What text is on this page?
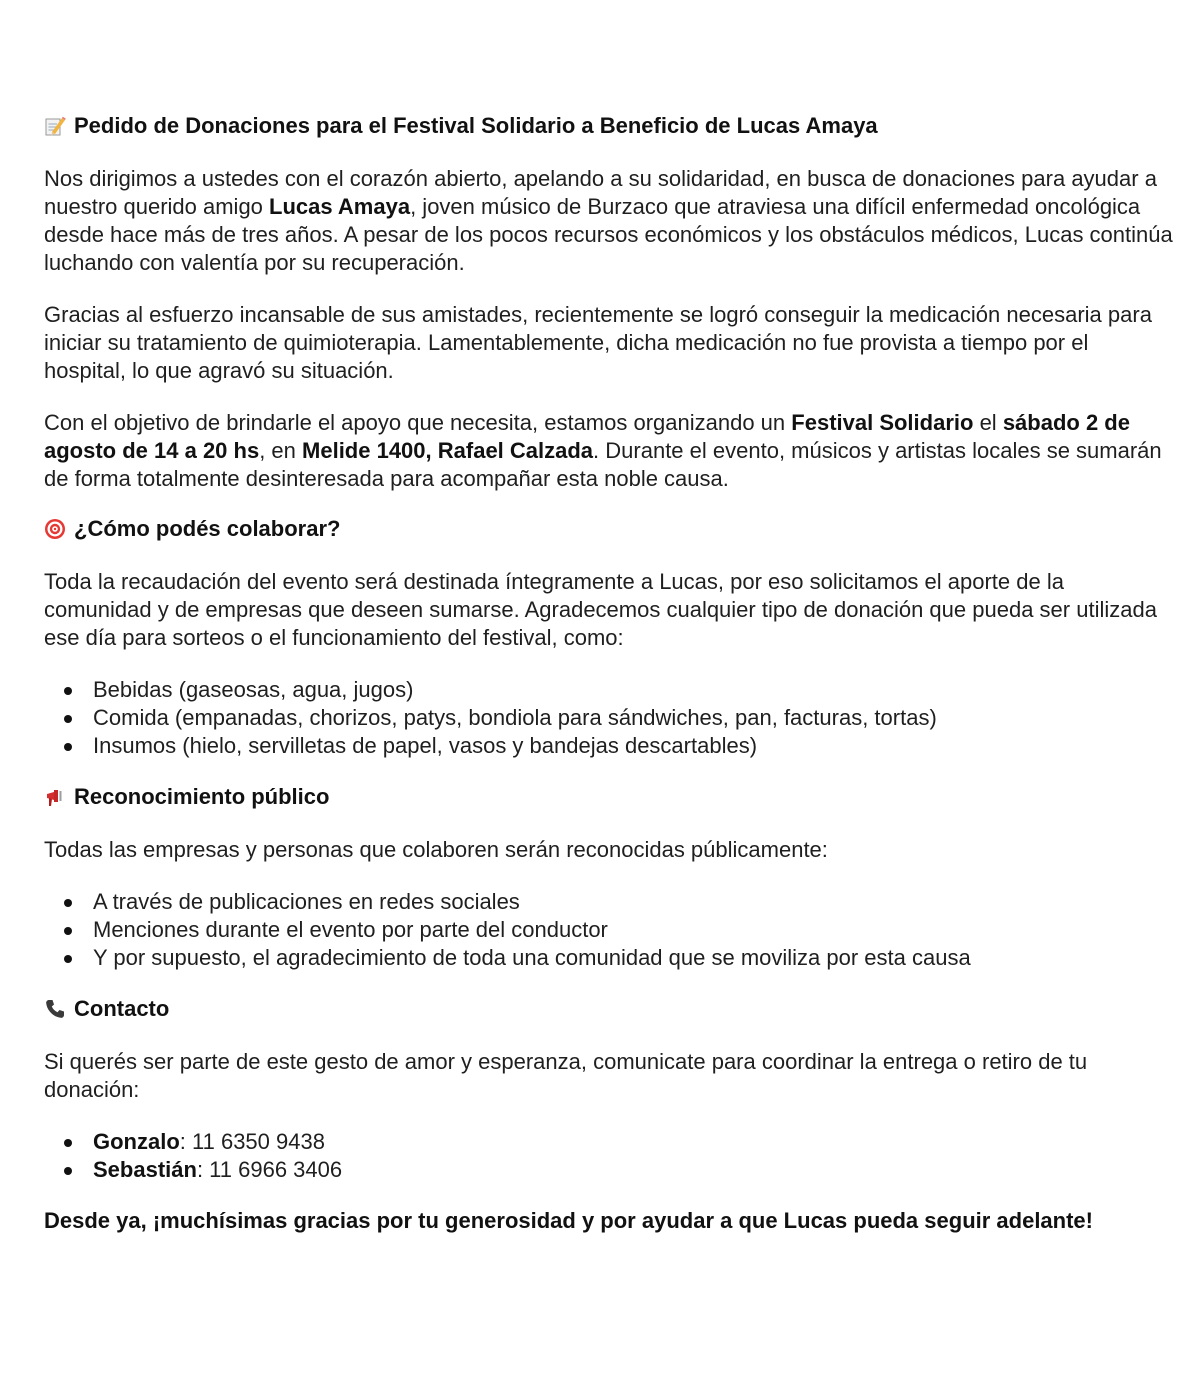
Pedido de Donaciones para el Festival Solidario a Beneficio de Lucas Amaya

Nos dirigimos a ustedes con el corazón abierto, apelando a su solidaridad, en busca de donaciones para ayudar a nuestro querido amigo Lucas Amaya, joven músico de Burzaco que atraviesa una difícil enfermedad oncológica desde hace más de tres años. A pesar de los pocos recursos económicos y los obstáculos médicos, Lucas continúa luchando con valentía por su recuperación.

Gracias al esfuerzo incansable de sus amistades, recientemente se logró conseguir la medicación necesaria para iniciar su tratamiento de quimioterapia. Lamentablemente, dicha medicación no fue provista a tiempo por el hospital, lo que agravó su situación.

Con el objetivo de brindarle el apoyo que necesita, estamos organizando un Festival Solidario el sábado 2 de agosto de 14 a 20 hs, en Melide 1400, Rafael Calzada. Durante el evento, músicos y artistas locales se sumarán de forma totalmente desinteresada para acompañar esta noble causa.

¿Cómo podés colaborar?

Toda la recaudación del evento será destinada íntegramente a Lucas, por eso solicitamos el aporte de la comunidad y de empresas que deseen sumarse. Agradecemos cualquier tipo de donación que pueda ser utilizada ese día para sorteos o el funcionamiento del festival, como:

Bebidas (gaseosas, agua, jugos)
Comida (empanadas, chorizos, patys, bondiola para sándwiches, pan, facturas, tortas)
Insumos (hielo, servilletas de papel, vasos y bandejas descartables)
Reconocimiento público

Todas las empresas y personas que colaboren serán reconocidas públicamente:

A través de publicaciones en redes sociales
Menciones durante el evento por parte del conductor
Y por supuesto, el agradecimiento de toda una comunidad que se moviliza por esta causa
Contacto

Si querés ser parte de este gesto de amor y esperanza, comunicate para coordinar la entrega o retiro de tu donación:

Gonzalo: 11 6350 9438
Sebastián: 11 6966 3406

Desde ya, ¡muchísimas gracias por tu generosidad y por ayudar a que Lucas pueda seguir adelante!
